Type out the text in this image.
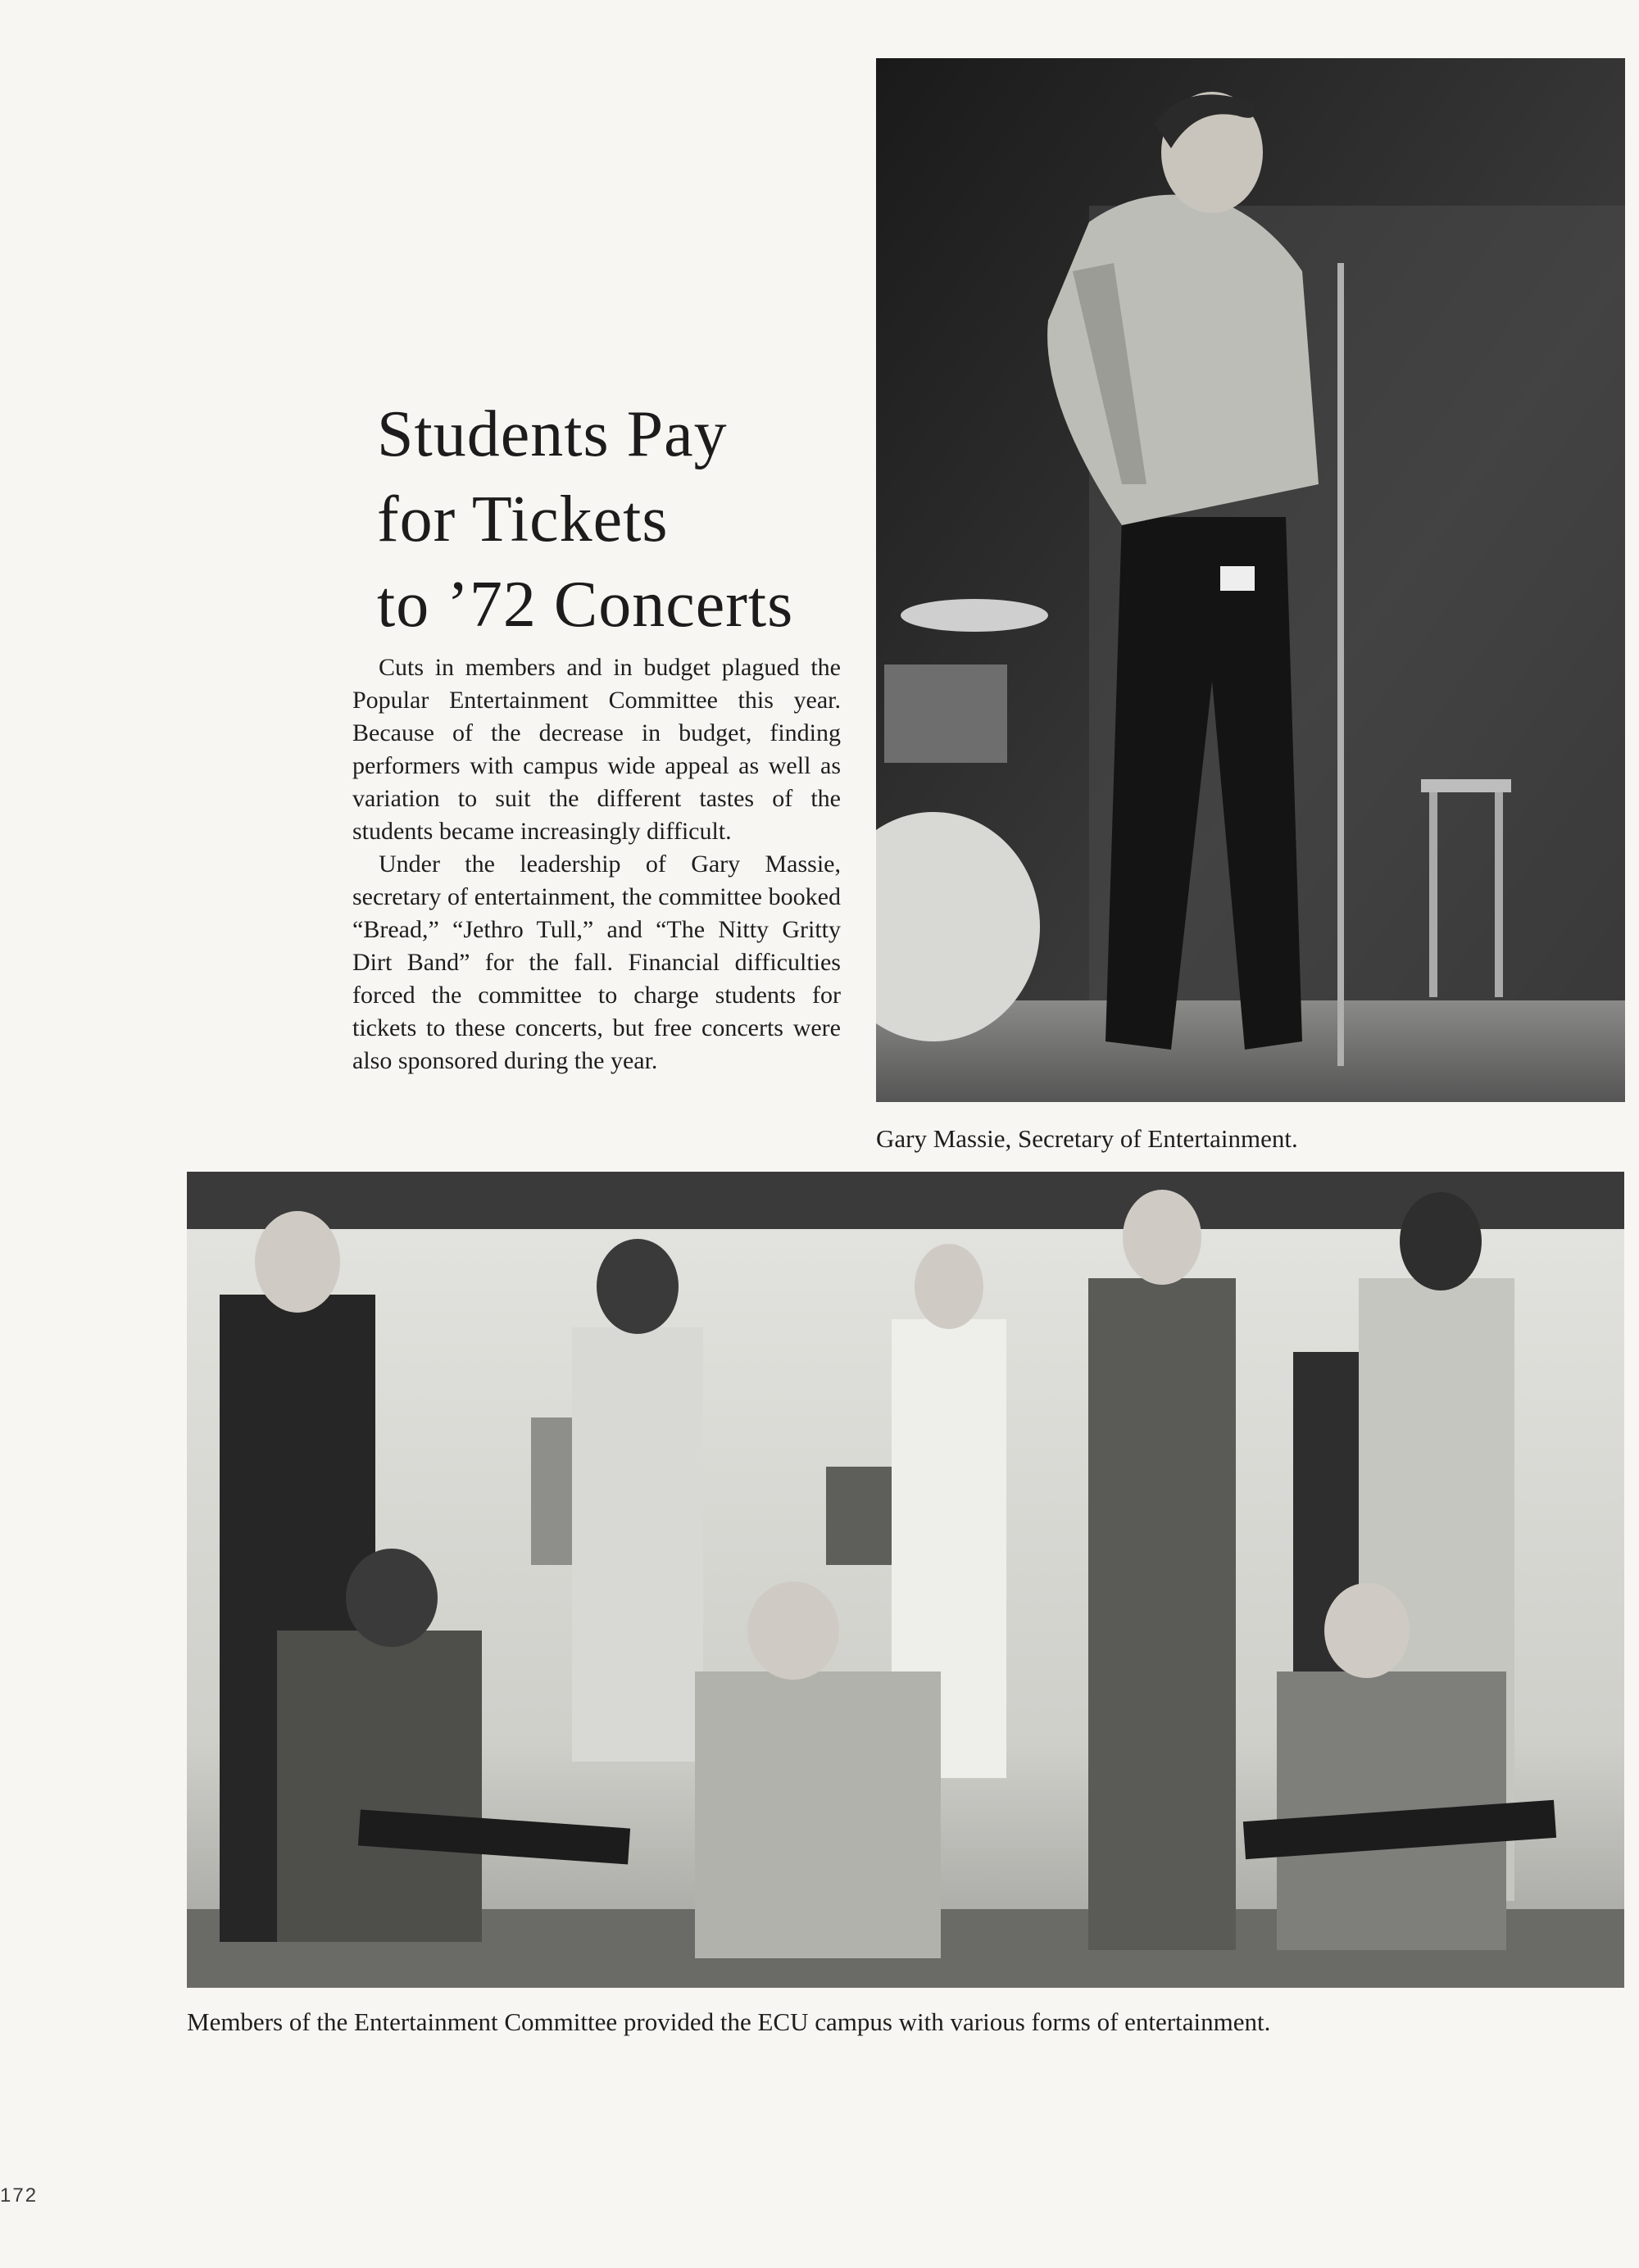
Students Pay
for Tickets
to ’72 Concerts

Cuts in members and in budget plagued the Popular Entertainment Committee this year. Because of the decrease in budget, finding performers with campus wide appeal as well as variation to suit the different tastes of the students became increasingly difficult.

Under the leadership of Gary Massie, secretary of entertainment, the committee booked “Bread,” “Jethro Tull,” and “The Nitty Gritty Dirt Band” for the fall. Financial difficulties forced the committee to charge students for tickets to these concerts, but free concerts were also sponsored during the year.

Gary Massie, Secretary of Entertainment.
Members of the Entertainment Committee provided the ECU campus with various forms of entertainment.
172
